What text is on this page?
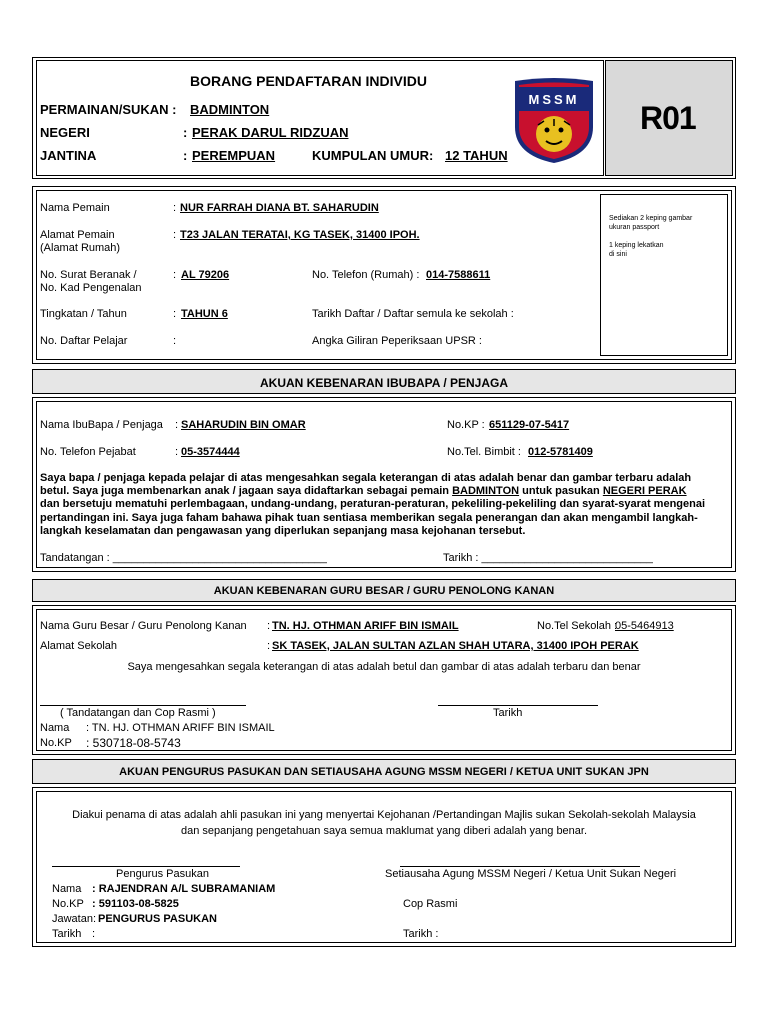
BORANG PENDAFTARAN INDIVIDU
PERMAINAN/SUKAN : BADMINTON
NEGERI	: PERAK DARUL RIDZUAN
JANTINA	: PEREMPUAN	KUMPULAN UMUR: 12 TAHUN
MSSM
R01
Sediakan 2 keping gambar
ukuran passport
1 keping lekatkan
di sini
Nama Pemain	: NUR FARRAH DIANA BT. SAHARUDIN
Alamat Pemain
(Alamat Rumah)
: T23 JALAN TERATAI, KG TASEK, 31400 IPOH.
No. Surat Beranak /
No. Kad Pengenalan
: AL 79206	No. Telefon (Rumah) : 014-7588611
Tingkatan / Tahun	: TAHUN 6	Tarikh Daftar / Daftar semula ke sekolah :
No. Daftar Pelajar	:	Angka Giliran Peperiksaan UPSR :
AKUAN KEBENARAN IBUBAPA / PENJAGA
Nama IbuBapa / Penjaga : SAHARUDIN BIN OMAR	No.KP : 651129-07-5417
No. Telefon Pejabat	: 05-3574444	No.Tel. Bimbit : 012-5781409
Saya bapa / penjaga kepada pelajar di atas mengesahkan segala keterangan di atas adalah benar dan gambar terbaru adalah
betul. Saya juga membenarkan anak / jagaan saya didaftarkan sebagai pemain BADMINTON untuk pasukan NEGERI PERAK
dan bersetuju mematuhi perlembagaan, undang-undang, peraturan-peraturan, pekeliling-pekeliling dan syarat-syarat mengenai
pertandingan ini. Saya juga faham bahawa pihak tuan sentiasa memberikan segala penerangan dan akan mengambil langkah-
langkah keselamatan dan pengawasan yang diperlukan sepanjang masa kejohanan tersebut.
Tandatangan : ___________________________________	Tarikh : ____________________________
AKUAN KEBENARAN GURU BESAR / GURU PENOLONG KANAN
Nama Guru Besar / Guru Penolong Kanan : TN. HJ. OTHMAN ARIFF BIN ISMAIL	No.Tel Sekolah :
05-5464913
Alamat Sekolah	: SK TASEK, JALAN SULTAN AZLAN SHAH UTARA, 31400 IPOH PERAK
Saya mengesahkan segala keterangan di atas adalah betul dan gambar di atas adalah terbaru dan benar
( Tandatangan dan Cop Rasmi )	Tarikh
Nama : TN. HJ. OTHMAN ARIFF BIN ISMAIL
No.KP : 530718-08-5743
AKUAN PENGURUS PASUKAN DAN SETIAUSAHA AGUNG MSSM NEGERI / KETUA UNIT SUKAN JPN
Diakui penama di atas adalah ahli pasukan ini yang menyertai Kejohanan /Pertandingan Majlis sukan Sekolah-sekolah Malaysia
dan sepanjang pengetahuan saya semua maklumat yang diberi adalah yang benar.
Pengurus Pasukan	Setiausaha Agung MSSM Negeri / Ketua Unit Sukan Negeri
Nama : RAJENDRAN A/L SUBRAMANIAM
No.KP : 591103-08-5825	Cop Rasmi
Jawatan: PENGURUS PASUKAN
Tarikh :	Tarikh :
